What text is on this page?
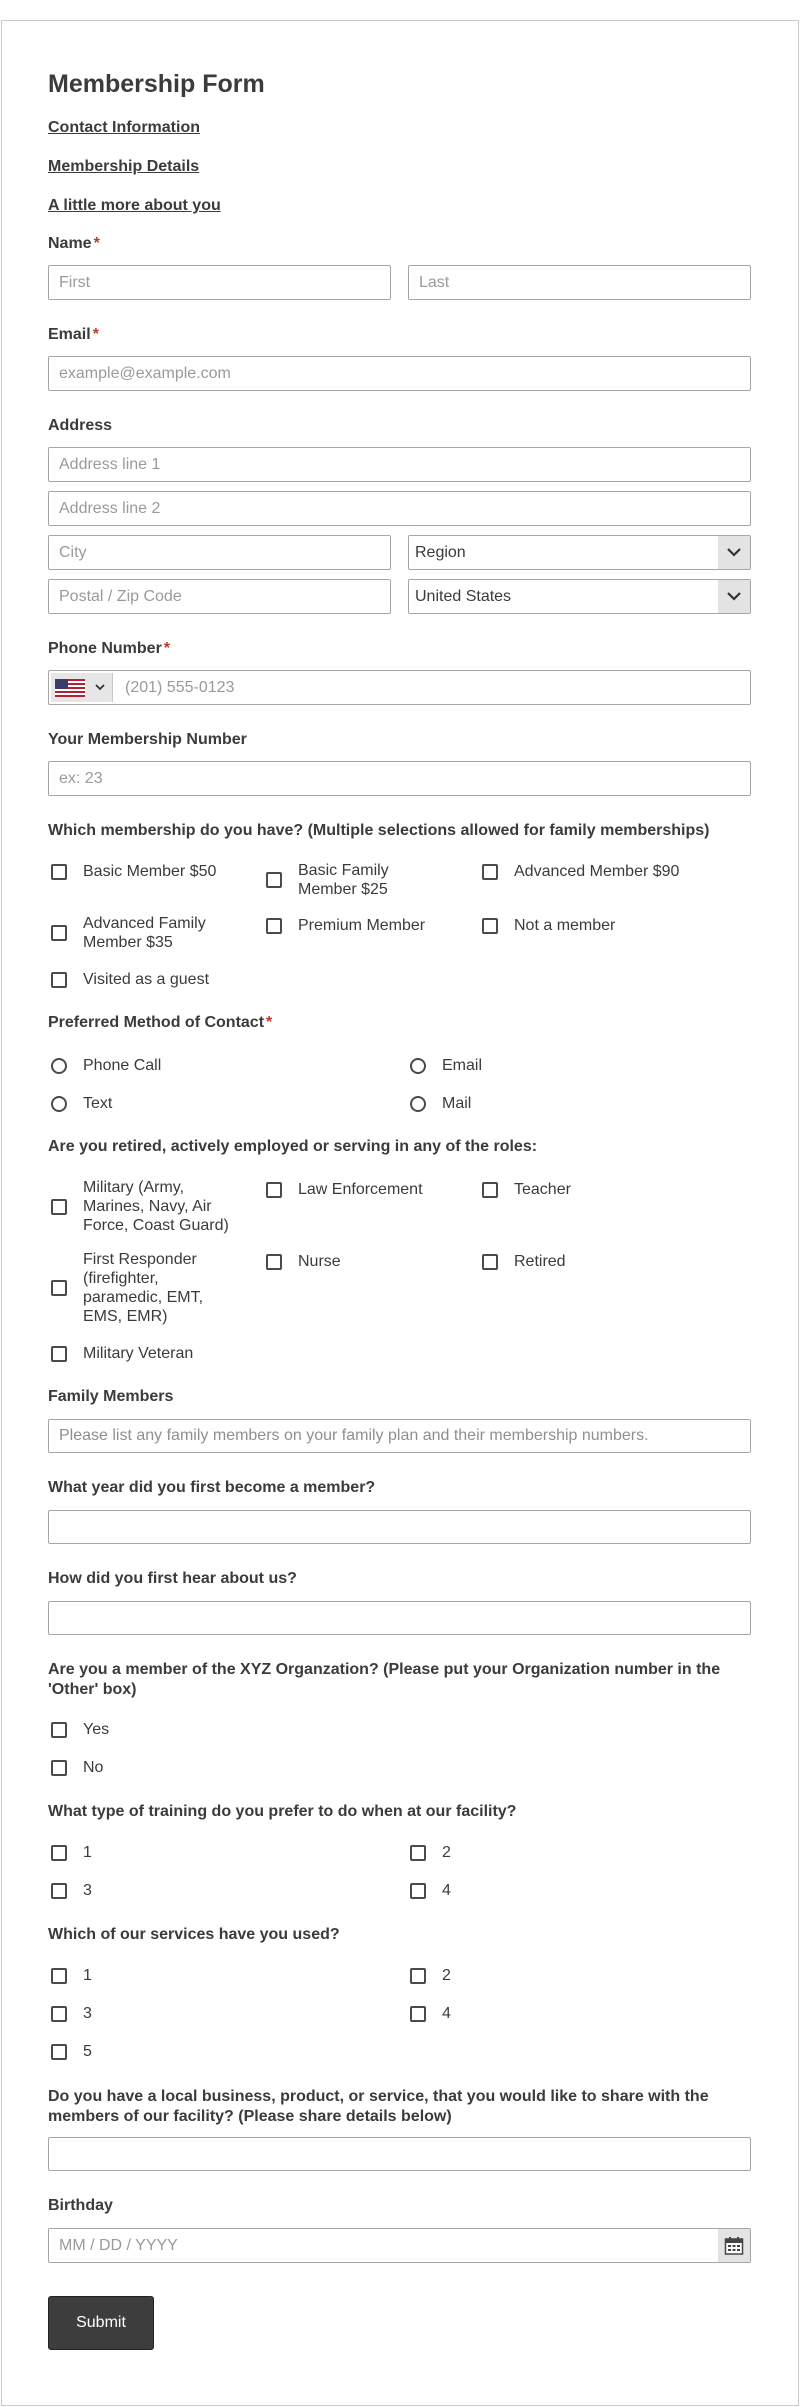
Membership Form
Contact Information
Membership Details
A little more about you
Name *
First
Last
Email *
example@example.com
Address
Address line 1
Address line 2
City
Region
Postal / Zip Code
United States
Phone Number *
(201) 555-0123
Your Membership Number
ex: 23
Which membership do you have? (Multiple selections allowed for family memberships)
Basic Member $50	Basic Family Member $25
Advanced Member $90
Advanced Family Member $35
Premium Member	Not a member
Visited as a guest
Preferred Method of Contact *
Phone Call	Email
Text	Mail
Are you retired, actively employed or serving in any of the roles:
Military (Army, Marines, Navy, Air Force, Coast Guard)
Law Enforcement	Teacher
First Responder (firefighter, paramedic, EMT, EMS, EMR)
Nurse	Retired
Military Veteran
Family Members
Please list any family members on your family plan and their membership numbers.
What year did you first become a member?
How did you first hear about us?
Are you a member of the XYZ Organzation? (Please put your Organization number in the 'Other' box)
Yes
No
What type of training do you prefer to do when at our facility?
1	2
3	4
Which of our services have you used?
1	2
3	4
5
Do you have a local business, product, or service, that you would like to share with the members of our facility? (Please share details below)
Birthday
MM / DD / YYYY
Submit
